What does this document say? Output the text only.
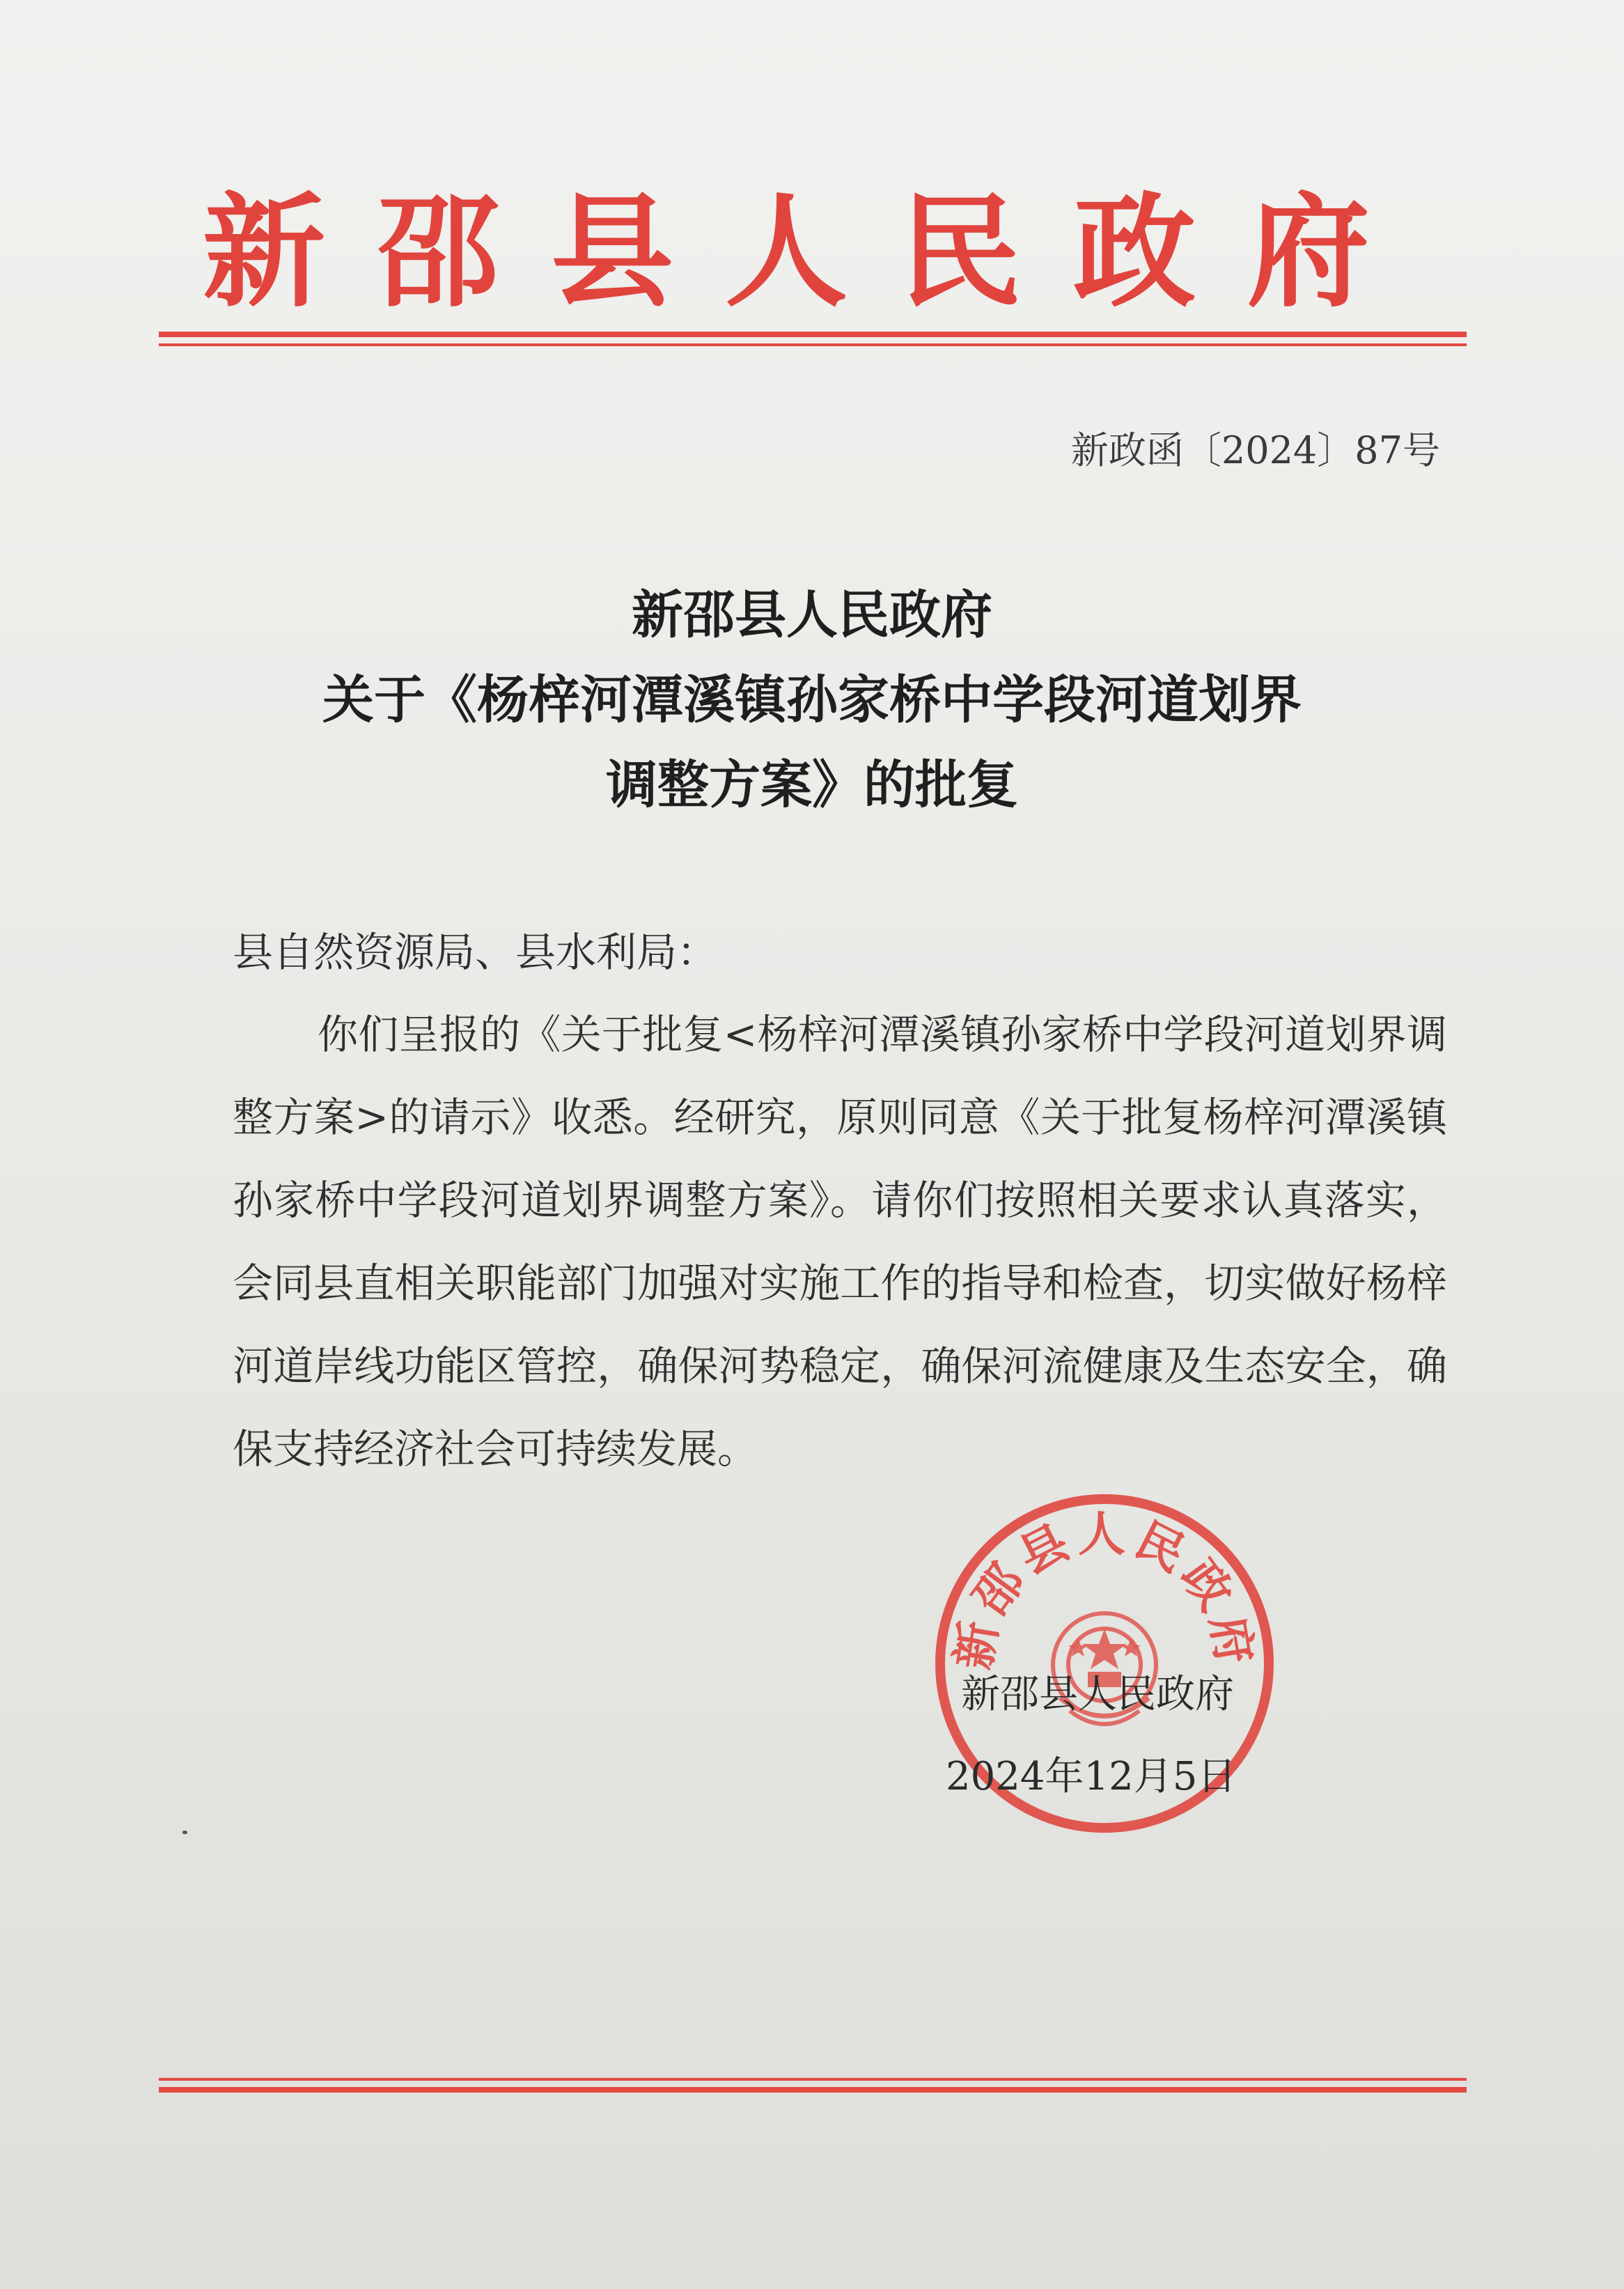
新邵县人民政府
新政函〔2024〕87号
新邵县人民政府
关于《杨梓河潭溪镇孙家桥中学段河道划界
调整方案》的批复
县自然资源局、县水利局：

你们呈报的《关于批复<杨梓河潭溪镇孙家桥中学段河道划界调整方案>的请示》收悉。经研究，原则同意《关于批复杨梓河潭溪镇孙家桥中学段河道划界调整方案》。请你们按照相关要求认真落实，会同县直相关职能部门加强对实施工作的指导和检查，切实做好杨梓河道岸线功能区管控，确保河势稳定，确保河流健康及生态安全，确保支持经济社会可持续发展。

新邵县人民政府
新邵县人民政府
2024年12月5日
